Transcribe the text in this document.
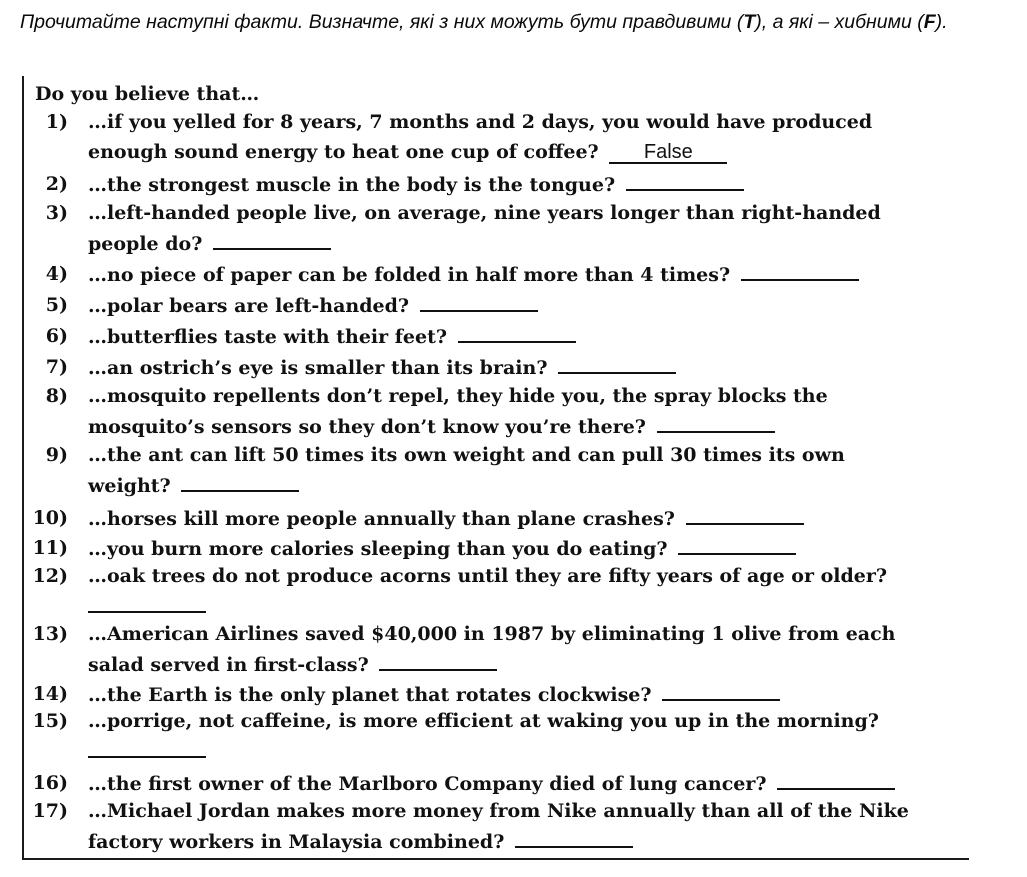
Прочитайте наступні факти. Визначте, які з них можуть бути правдивими (T), а які – хибними (F).
Do you believe that…
1) …if you yelled for 8 years, 7 months and 2 days, you would have produced
enough sound energy to heat one cup of coffee? False
2) …the strongest muscle in the body is the tongue?
3) …left-handed people live, on average, nine years longer than right-handed
people do?
4) …no piece of paper can be folded in half more than 4 times?
5) …polar bears are left-handed?
6) …butterflies taste with their feet?
7) …an ostrich’s eye is smaller than its brain?
8) …mosquito repellents don’t repel, they hide you, the spray blocks the
mosquito’s sensors so they don’t know you’re there?
9) …the ant can lift 50 times its own weight and can pull 30 times its own
weight?
10) …horses kill more people annually than plane crashes?
11) …you burn more calories sleeping than you do eating?
12) …oak trees do not produce acorns until they are fifty years of age or older?
13) …American Airlines saved $40,000 in 1987 by eliminating 1 olive from each
salad served in first-class?
14) …the Earth is the only planet that rotates clockwise?
15) …porrige, not caffeine, is more efficient at waking you up in the morning?
16) …the first owner of the Marlboro Company died of lung cancer?
17) …Michael Jordan makes more money from Nike annually than all of the Nike
factory workers in Malaysia combined?
